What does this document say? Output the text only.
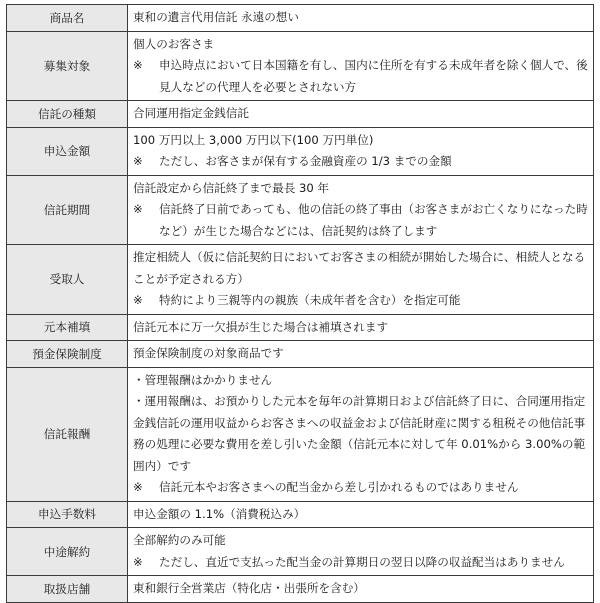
商品名	東和の遺言代用信託 永遠の想い

募集対象	個人のお客さま
※ 申込時点において日本国籍を有し、国内に住所を有する未成年者を除く個人で、後見人などの代理人を必要とされない方

信託の種類	合同運用指定金銭信託

申込金額	100 万円以上 3,000 万円以下(100 万円単位)
※ ただし、お客さまが保有する金融資産の 1/3 までの金額

信託期間	信託設定から信託終了まで最長 30 年
※ 信託終了日前であっても、他の信託の終了事由（お客さまがお亡くなりになった時など）が生じた場合などには、信託契約は終了します

受取人	推定相続人（仮に信託契約日においてお客さまの相続が開始した場合に、相続人となることが予定される方）
※ 特約により三親等内の親族（未成年者を含む）を指定可能

元本補填	信託元本に万一欠損が生じた場合は補填されます

預金保険制度	預金保険制度の対象商品です

信託報酬	・管理報酬はかかりません
・運用報酬は、お預かりした元本を毎年の計算期日および信託終了日に、合同運用指定金銭信託の運用収益からお客さまへの収益金および信託財産に関する租税その他信託事務の処理に必要な費用を差し引いた金額（信託元本に対して年 0.01%から 3.00%の範囲内）です
※ 信託元本やお客さまへの配当金から差し引かれるものではありません

申込手数料	申込金額の 1.1%（消費税込み）

中途解約	全部解約のみ可能
※ ただし、直近で支払った配当金の計算期日の翌日以降の収益配当はありません

取扱店舗	東和銀行全営業店（特化店・出張所を含む）
